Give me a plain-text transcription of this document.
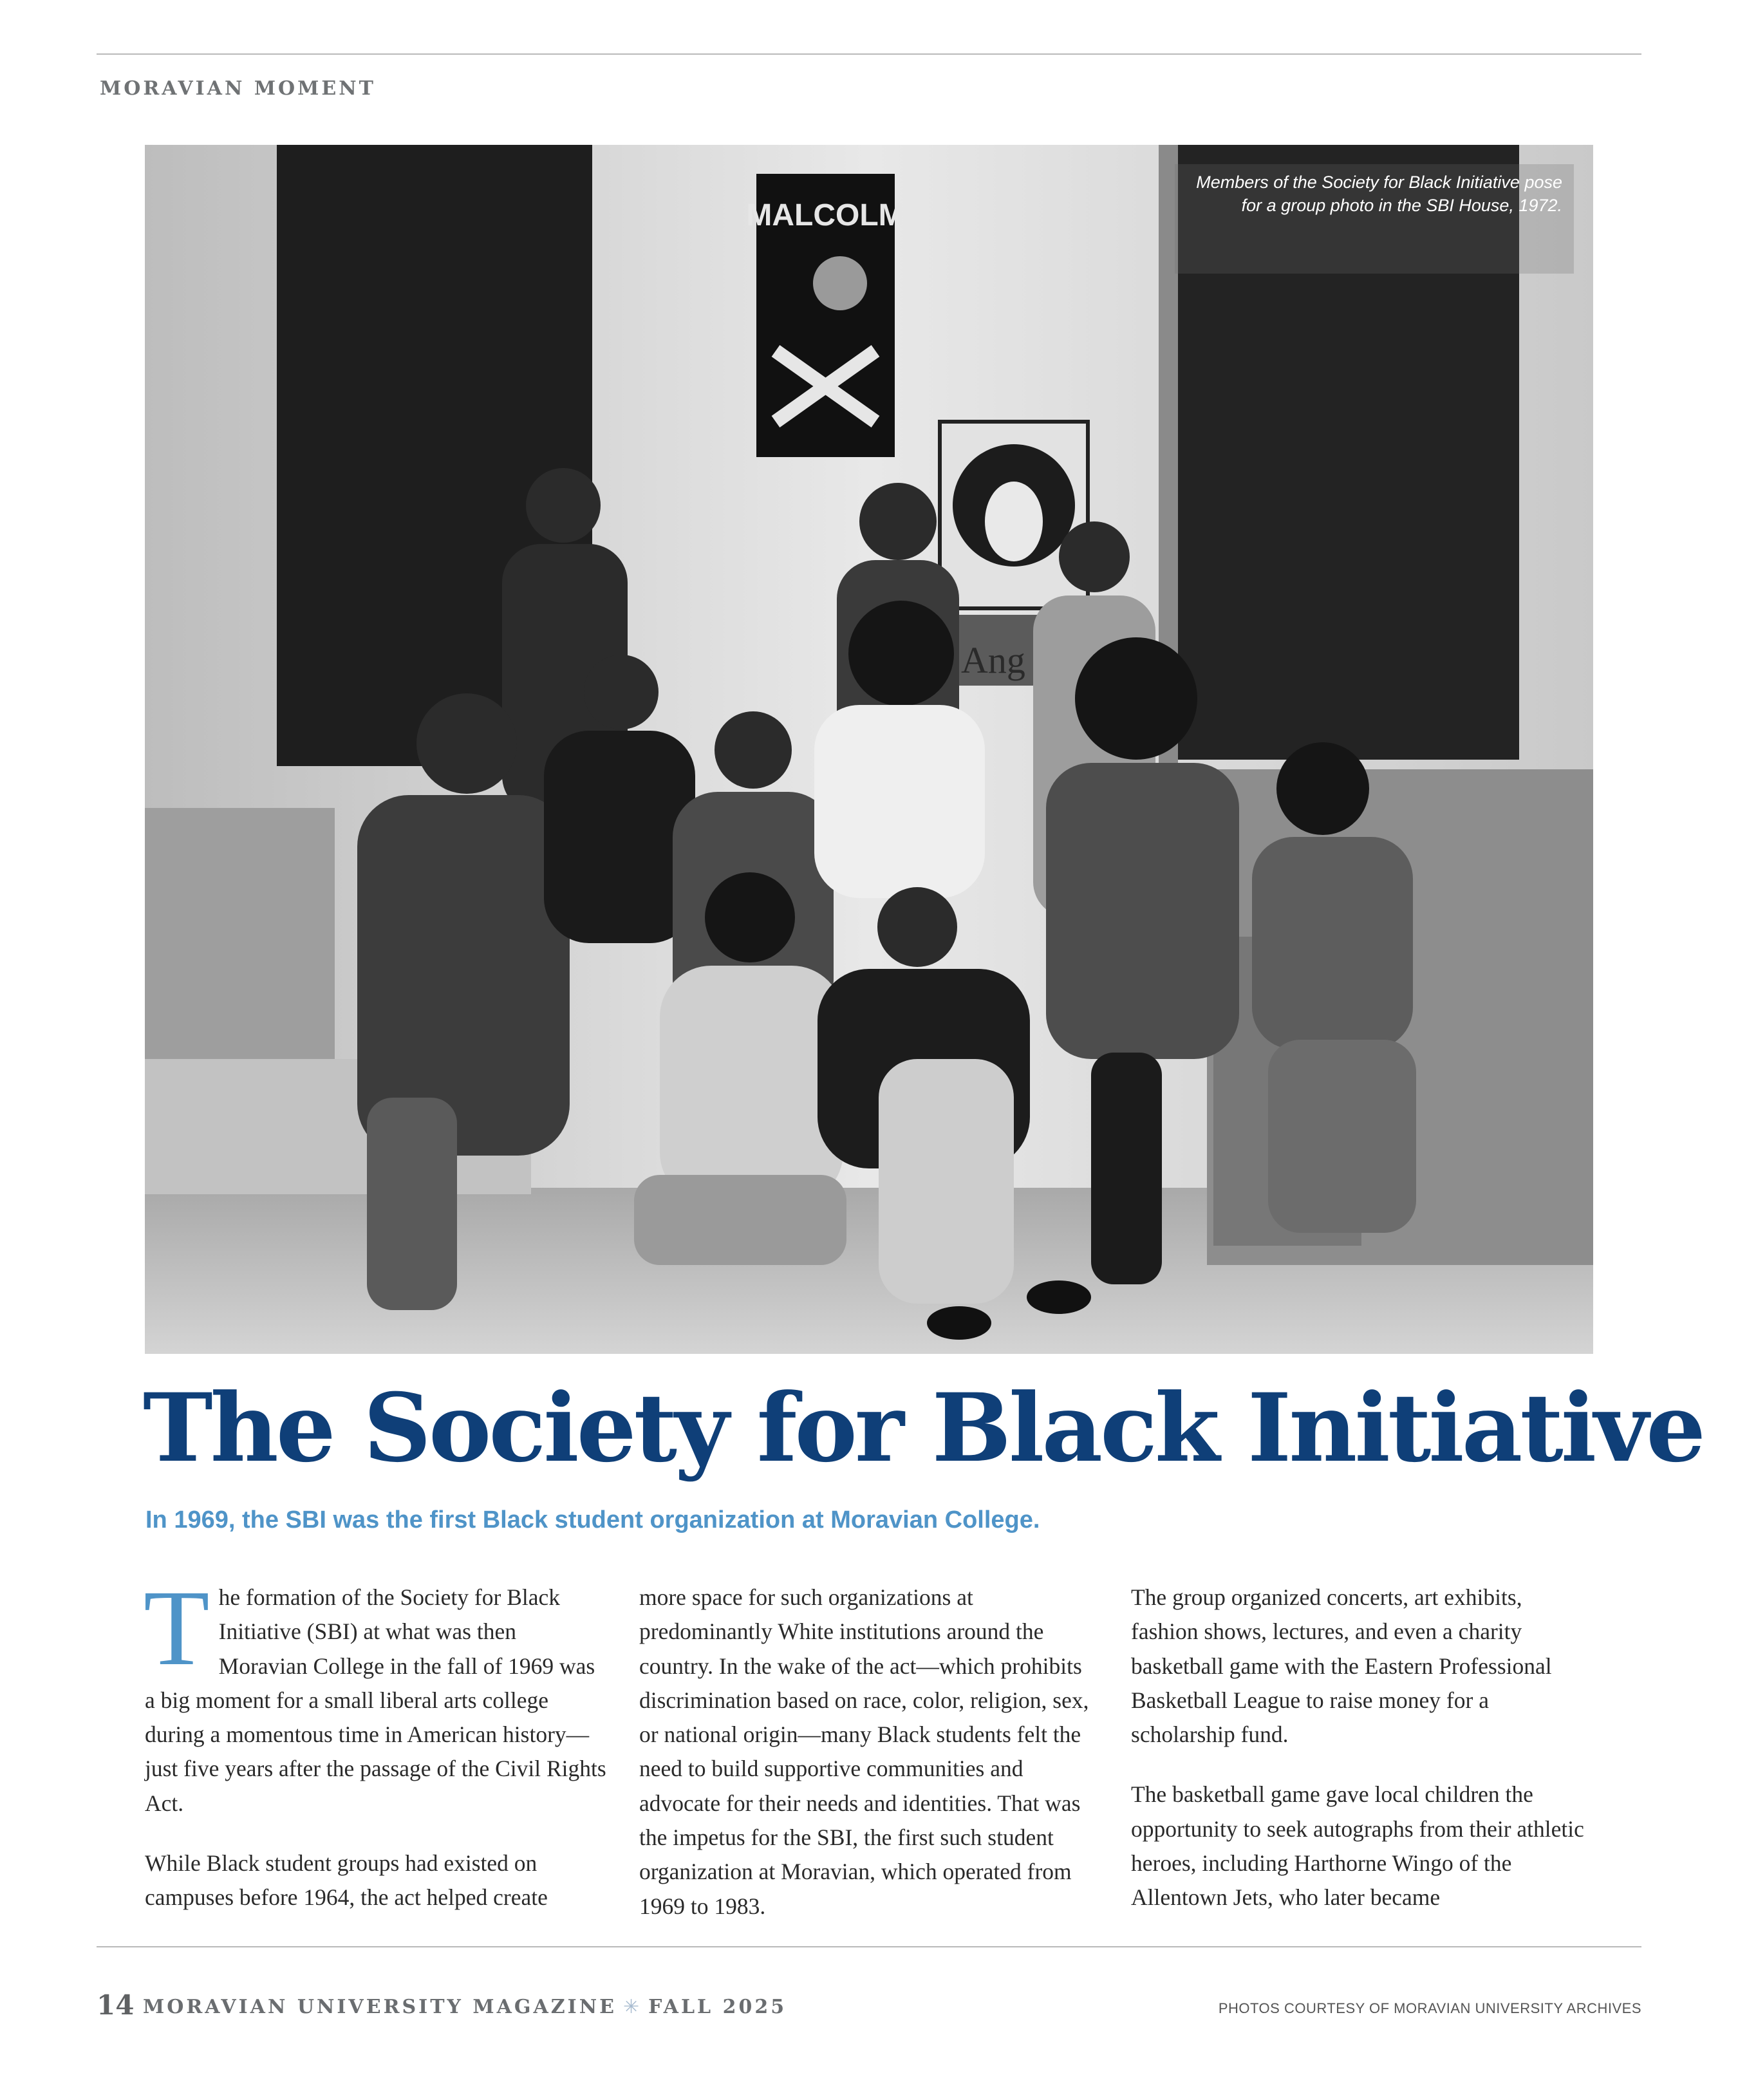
MORAVIAN MOMENT
MALCOLM
Ang
Members of the Society for Black Initiative pose for a group photo in the SBI House, 1972.
The Society for Black Initiative
In 1969, the SBI was the first Black student organization at Moravian College.

The formation of the Society for Black Initiative (SBI) at what was then Moravian College in the fall of 1969 was a big moment for a small liberal arts college during a momentous time in American history—just five years after the passage of the Civil Rights Act.

While Black student groups had existed on campuses before 1964, the act helped create

more space for such organizations at predominantly White institutions around the country. In the wake of the act—which prohibits discrimination based on race, color, religion, sex, or national origin—many Black students felt the need to build supportive communities and advocate for their needs and identities. That was the impetus for the SBI, the first such student organization at Moravian, which operated from 1969 to 1983.

The group organized concerts, art exhibits, fashion shows, lectures, and even a charity basketball game with the Eastern Professional Basketball League to raise money for a scholarship fund.

The basketball game gave local children the opportunity to seek autographs from their athletic heroes, including Harthorne Wingo of the Allentown Jets, who later became

14 MORAVIAN UNIVERSITY MAGAZINE ✳ FALL 2025	PHOTOS COURTESY OF MORAVIAN UNIVERSITY ARCHIVES
